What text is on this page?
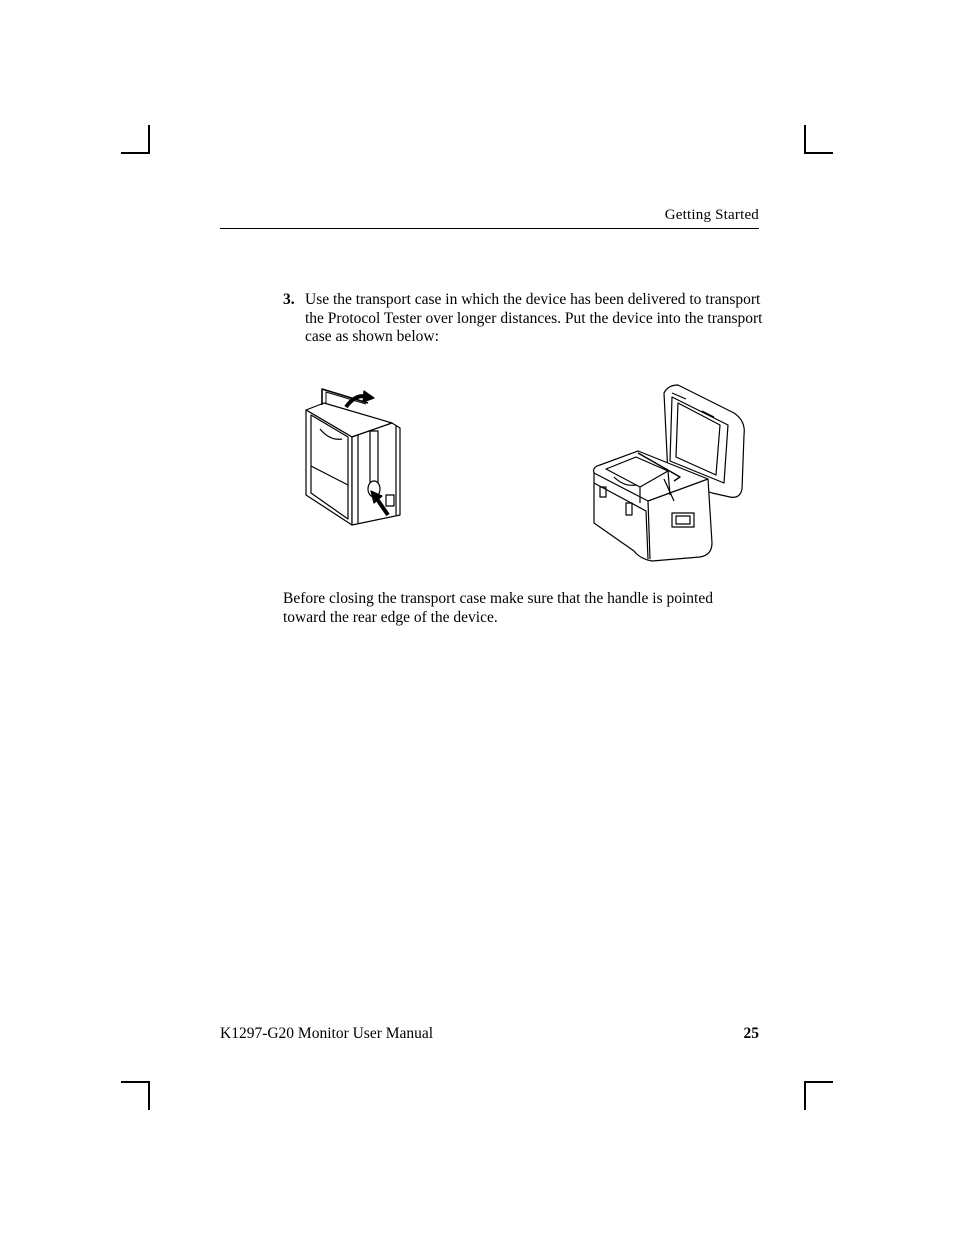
Getting Started
3. Use the transport case in which the device has been delivered to transport the Protocol Tester over longer distances. Put the device into the transport case as shown below:
Before closing the transport case make sure that the handle is pointed toward the rear edge of the device.
K1297-G20 Monitor User Manual	25
